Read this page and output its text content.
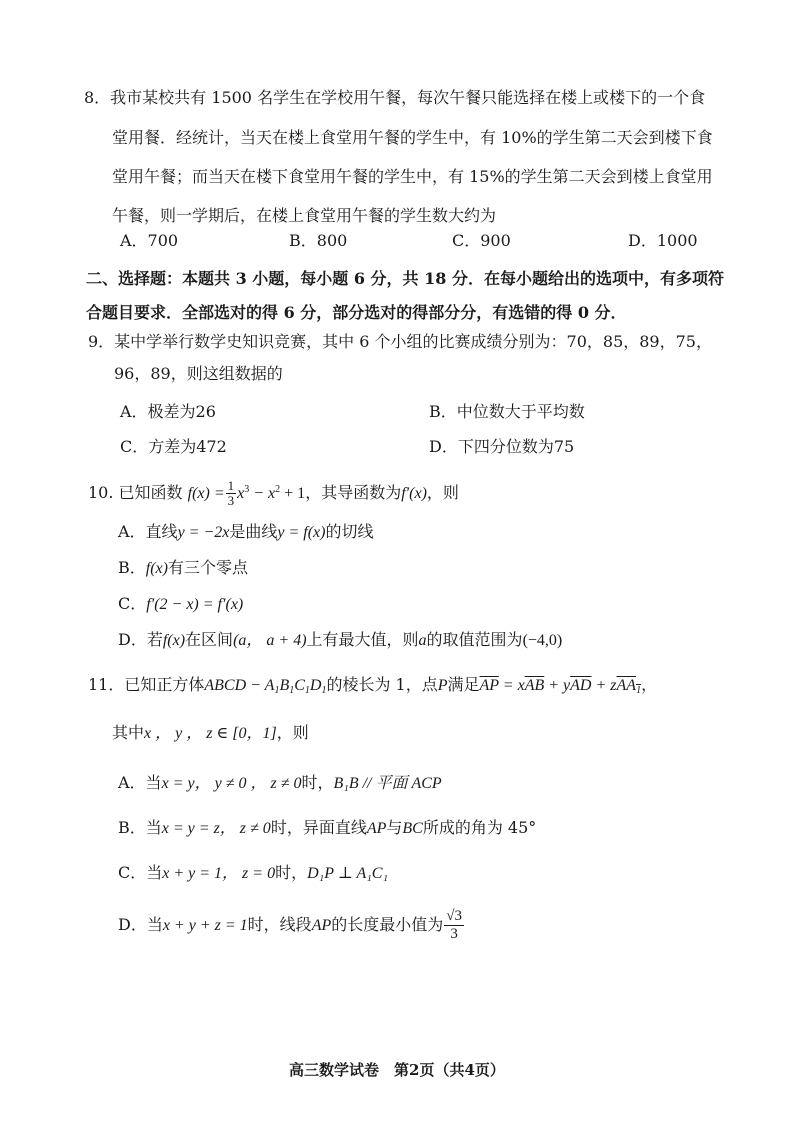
8．我市某校共有 1500 名学生在学校用午餐，每次午餐只能选择在楼上或楼下的一个食
堂用餐．经统计，当天在楼上食堂用午餐的学生中，有 10%的学生第二天会到楼下食
堂用午餐；而当天在楼下食堂用午餐的学生中，有 15%的学生第二天会到楼上食堂用
午餐，则一学期后，在楼上食堂用午餐的学生数大约为
A．700	B．800	C．900	D．1000
二、选择题：本题共 3 小题，每小题 6 分，共 18 分．在每小题给出的选项中，有多项符
合题目要求．全部选对的得 6 分，部分选对的得部分分，有选错的得 0 分．
9．某中学举行数学史知识竞赛，其中 6 个小组的比赛成绩分别为：70，85，89，75，
96，89，则这组数据的
A．极差为26	B．中位数大于平均数
C．方差为472	D．下四分位数为75
10. 已知函数 $f(x) = \frac{1}{3} x^3 - x^2 + 1$，其导函数为f′(x)，则
A．直线y = −2x是曲线y = f(x)的切线
B．f(x)有三个零点
C．f′(2 − x) = f′(x)
D．若f(x)在区间(a， a + 4)上有最大值，则a的取值范围为(−4,0)
11．已知正方体ABCD − $A_1B_1C_1D_1$的棱长为 1，点P满足$\overline{AP} = x\overline{AB} + y\overline{AD} + zAA_1$，
其中x ， y ， z ∈ [0，1]，则
A．当x = y， y ≠ 0 ， z ≠ 0时，B₁B // 平面 ACP
B．当x = y = z， z ≠ 0时，异面直线AP与BC所成的角为 45°
C．当x + y = 1， z = 0时，D₁P ⊥ A₁C₁
D．当x + y + z = 1时，线段AP的长度最小值为 $\frac{√3}{3}$
高三数学试卷　第2页（共4页）
